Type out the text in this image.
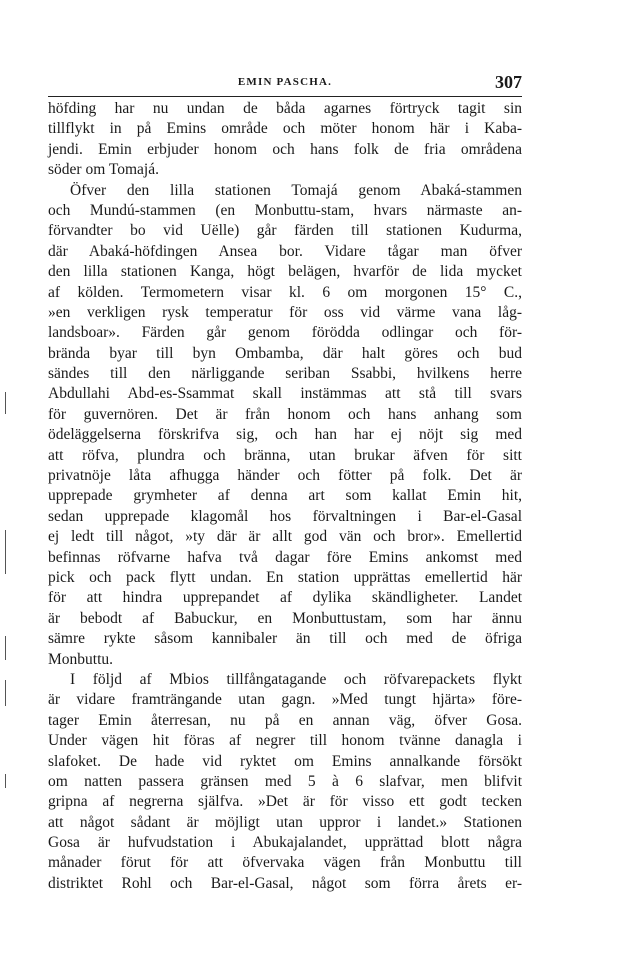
EMIN PASCHA.	307
höfding har nu undan de båda agarnes förtryck tagit sin
tillflykt in på Emins område och möter honom här i Kaba-
jendi. Emin erbjuder honom och hans folk de fria områdena
söder om Tomajá.
Öfver den lilla stationen Tomajá genom Abaká-stammen
och Mundú-stammen (en Monbuttu-stam, hvars närmaste an-
förvandter bo vid Uëlle) går färden till stationen Kudurma,
där Abaká-höfdingen Ansea bor. Vidare tågar man öfver
den lilla stationen Kanga, högt belägen, hvarför de lida mycket
af kölden. Termometern visar kl. 6 om morgonen 15° C.,
»en verkligen rysk temperatur för oss vid värme vana låg-
landsboar». Färden går genom förödda odlingar och för-
brända byar till byn Ombamba, där halt göres och bud
sändes till den närliggande seriban Ssabbi, hvilkens herre
Abdullahi Abd-es-Ssammat skall instämmas att stå till svars
för guvernören. Det är från honom och hans anhang som
ödeläggelserna förskrifva sig, och han har ej nöjt sig med
att röfva, plundra och bränna, utan brukar äfven för sitt
privatnöje låta afhugga händer och fötter på folk. Det är
upprepade grymheter af denna art som kallat Emin hit,
sedan upprepade klagomål hos förvaltningen i Bar-el-Gasal
ej ledt till något, »ty där är allt god vän och bror». Emellertid
befinnas röfvarne hafva två dagar före Emins ankomst med
pick och pack flytt undan. En station upprättas emellertid här
för att hindra upprepandet af dylika skändligheter. Landet
är bebodt af Babuckur, en Monbuttustam, som har ännu
sämre rykte såsom kannibaler än till och med de öfriga
Monbuttu.
I följd af Mbios tillfångatagande och röfvarepackets flykt
är vidare framträngande utan gagn. »Med tungt hjärta» före-
tager Emin återresan, nu på en annan väg, öfver Gosa.
Under vägen hit föras af negrer till honom tvänne danagla i
slafoket. De hade vid ryktet om Emins annalkande försökt
om natten passera gränsen med 5 à 6 slafvar, men blifvit
gripna af negrerna själfva. »Det är för visso ett godt tecken
att något sådant är möjligt utan uppror i landet.» Stationen
Gosa är hufvudstation i Abukajalandet, upprättad blott några
månader förut för att öfvervaka vägen från Monbuttu till
distriktet Rohl och Bar-el-Gasal, något som förra årets er-
